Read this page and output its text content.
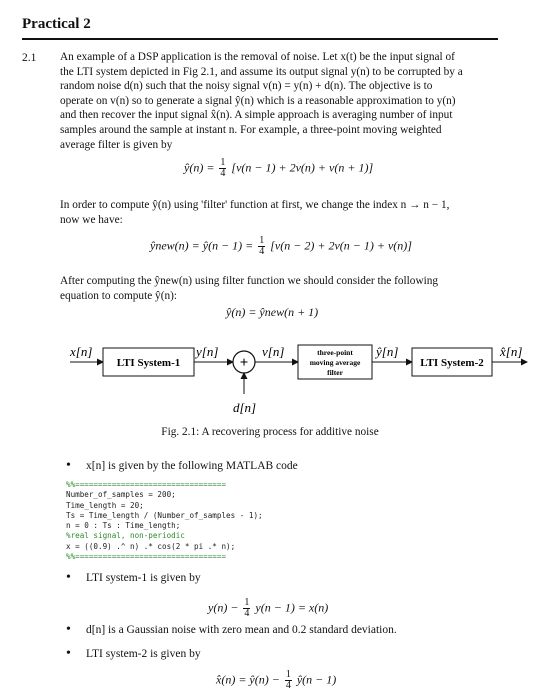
Practical 2
2.1 An example of a DSP application is the removal of noise. Let x(t) be the input signal of
the LTI system depicted in Fig 2.1, and assume its output signal y(n) to be corrupted by a
random noise d(n) such that the noisy signal v(n) = y(n) + d(n). The objective is to
operate on v(n) so to generate a signal ŷ(n) which is a reasonable approximation to y(n)
and then recover the input signal x̂(n). A simple approach is averaging number of input
samples around the sample at instant n. For example, a three-point moving weighted
average filter is given by
ŷ(n) = $\frac{1}{4} [v(n - 1) + 2v(n) + v(n + 1)]$
In order to compute ŷ(n) using 'filter' function at first, we change the index n → n − 1,
now we have:
ŷnew(n) = ŷ(n − $1) = \frac{1}{4} [v(n - 2) + 2v(n - 1) + v(n)]$
After computing the ŷnew(n) using filter function we should consider the following
equation to compute ŷ(n):
ŷ(n) = ŷnew(n + 1)
x[n]
LTI System-1
y[n]
+
v[n]	three-point
moving average
filter
ŷ[n]
LTI System-2
x̂[n]
d[n]
Fig. 2.1: A recovering process for additive noise
• x[n] is given by the following MATLAB code
%%=================================
Number_of_samples = 200;
Time_length = 20;
Ts = Time_length / (Number_of_samples - 1);
n = 0 : Ts : Time_length;
%real signal, non-periodic
x = ((0.9) .^ n) .* cos(2 * pi .* n);
%%=================================
• LTI system-1 is given by
$y(n) - \frac{1}{4} y(n - 1) = x(n)$
• d[n] is a Gaussian noise with zero mean and 0.2 standard deviation.
• LTI system-2 is given by
x̂(n) = ŷ(n) − $\frac{1}{4}$ ŷ(n − 1)
